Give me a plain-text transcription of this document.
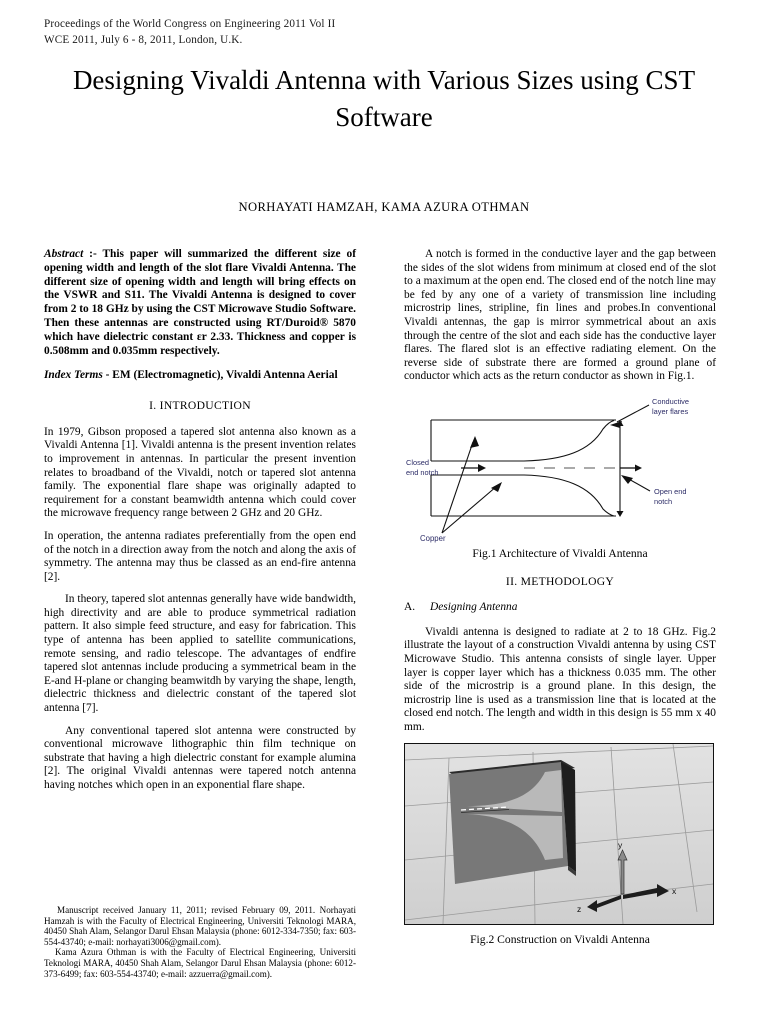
Proceedings of the World Congress on Engineering 2011 Vol II
WCE 2011, July 6 - 8, 2011, London, U.K.
Designing Vivaldi Antenna with Various Sizes using CST Software
NORHAYATI HAMZAH, KAMA AZURA OTHMAN
Abstract :- This paper will summarized the different size of opening width and length of the slot flare Vivaldi Antenna. The different size of opening width and length will bring effects on the VSWR and S11. The Vivaldi Antenna is designed to cover from 2 to 18 GHz by using the CST Microwave Studio Software. Then these antennas are constructed using RT/Duroid® 5870 which have dielectric constant εr 2.33. Thickness and copper is 0.508mm and 0.035mm respectively.
Index Terms - EM (Electromagnetic), Vivaldi Antenna Aerial
I. INTRODUCTION

In 1979, Gibson proposed a tapered slot antenna also known as a Vivaldi Antenna [1]. Vivaldi antenna is the present invention relates to improvement in antennas. In particular the present invention relates to broadband of the Vivaldi, notch or tapered slot antenna family. The exponential flare shape was originally adapted to requirement for a constant beamwidth antenna which could cover the microwave frequency range between 2 GHz and 20 GHz.

In operation, the antenna radiates preferentially from the open end of the notch in a direction away from the notch and along the axis of symmetry. The antenna may thus be classed as an end-fire antenna [2].

In theory, tapered slot antennas generally have wide bandwidth, high directivity and are able to produce symmetrical radiation pattern. It also simple feed structure, and easy for fabrication. This type of antenna has been applied to satellite communications, remote sensing, and radio telescope. The advantages of endfire tapered slot antennas include producing a symmetrical beam in the E-and H-plane or changing beamwitdh by varying the shape, length, dielectric thickness and dielectric constant of the tapered slot antenna [7].

Any conventional tapered slot antenna were constructed by conventional microwave lithographic thin film technique on substrate that having a high dielectric constant for example alumina [2]. The original Vivaldi antennas were tapered notch antenna having notches which open in an exponential flare shape.

Manuscript received January 11, 2011; revised February 09, 2011. Norhayati Hamzah is with the Faculty of Electrical Engineering, Universiti Teknologi MARA, 40450 Shah Alam, Selangor Darul Ehsan Malaysia (phone: 6012-334-7350; fax: 603-554-43740; e-mail: norhayati3006@gmail.com).

Kama Azura Othman is with the Faculty of Electrical Engineering, Universiti Teknologi MARA, 40450 Shah Alam, Selangor Darul Ehsan Malaysia (phone: 6012-373-6499; fax: 603-554-43740; e-mail: azzuerra@gmail.com).

A notch is formed in the conductive layer and the gap between the sides of the slot widens from minimum at closed end of the slot to a maximum at the open end. The closed end of the notch line may be fed by any one of a variety of transmission line including microstrip lines, stripline, fin lines and probes.In conventional Vivaldi antennas, the gap is mirror symmetrical about an axis through the centre of the slot and each side has the conductive layer flares. The flared slot is an effective radiating element. On the reverse side of substrate there are formed a ground plane of conductor which acts as the return conductor as shown in Fig.1.

Conductive
layer flares
Closed
end notch
Open end
notch
Copper
Fig.1 Architecture of Vivaldi Antenna
II. METHODOLOGY
A. Designing Antenna

Vivaldi antenna is designed to radiate at 2 to 18 GHz. Fig.2 illustrate the layout of a construction Vivaldi antenna by using CST Microwave Studio. This antenna consists of single layer. Upper layer is copper layer which has a thickness 0.035 mm. The other side of the microstrip is a ground plane. In this design, the microstrip line is used as a transmission line that is located at the closed end notch. The length and width in this design is 55 mm x 40 mm.

y
x
z
Fig.2 Construction on Vivaldi Antenna
